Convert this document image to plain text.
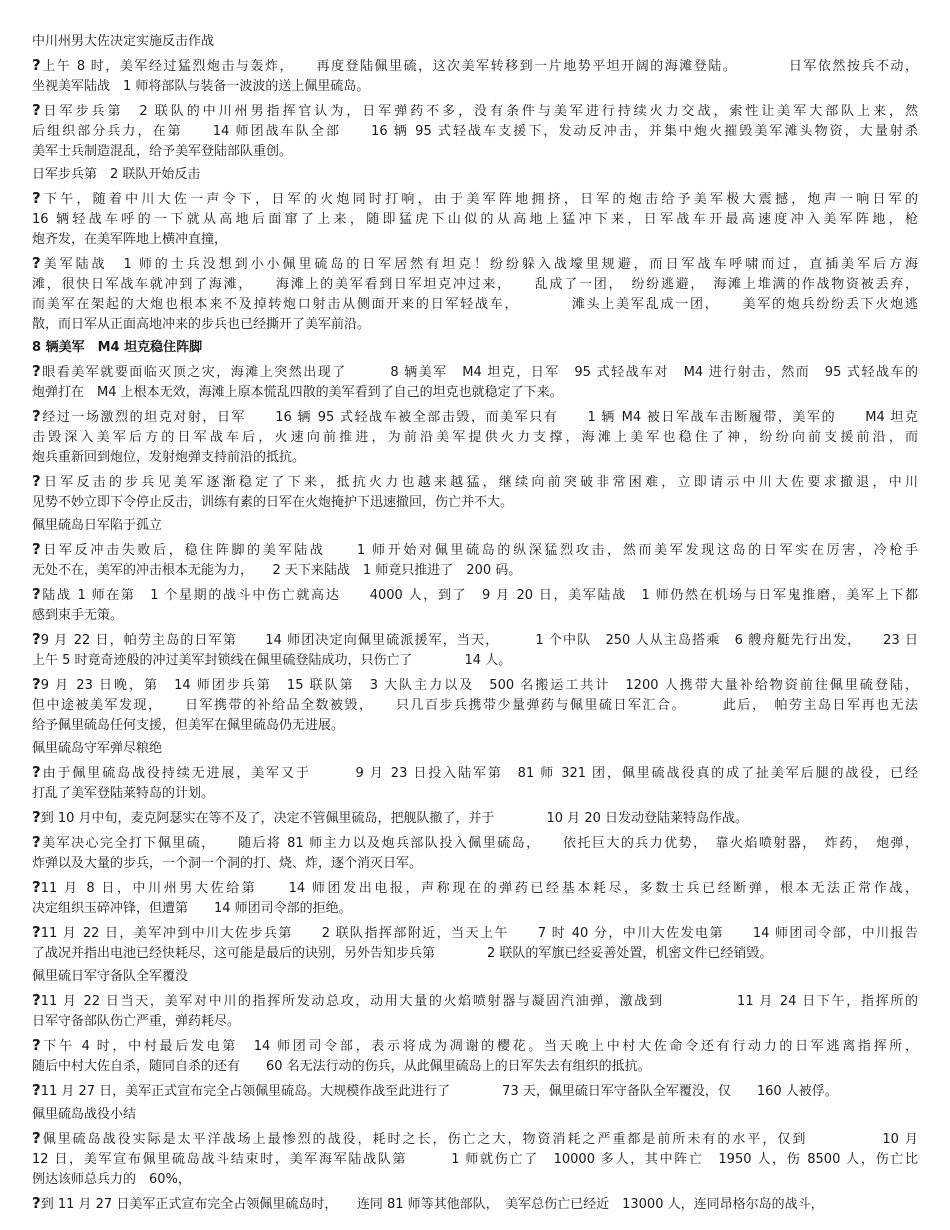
中川州男大佐决定实施反击作战
?上午 8 时，美军经过猛烈炮击与轰炸，　　再度登陆佩里硫，这次美军转移到一片地势平坦开阔的海滩登陆。　　　　日军依然按兵不动，
坐视美军陆战　1 师将部队与装备一波波的送上佩里硫岛。
?日军步兵第　2 联队的中川州男指挥官认为，日军弹药不多，没有条件与美军进行持续火力交战，索性让美军大部队上来，然
后组织部分兵力，在第　　14 师团战车队全部　　16 辆 95 式轻战车支援下，发动反冲击，并集中炮火摧毁美军滩头物资，大量射杀
美军士兵制造混乱，给予美军登陆部队重创。
日军步兵第　2 联队开始反击
?下午，随着中川大佐一声令下，日军的火炮同时打响，由于美军阵地拥挤，日军的炮击给予美军极大震撼，炮声一响日军的
16 辆轻战车呼的一下就从高地后面窜了上来，随即猛虎下山似的从高地上猛冲下来，日军战车开最高速度冲入美军阵地，枪
炮齐发，在美军阵地上横冲直撞，
?美军陆战　1 师的士兵没想到小小佩里硫岛的日军居然有坦克！纷纷躲入战壕里规避，而日军战车呼啸而过，直插美军后方海
滩，很快日军战车就冲到了海滩，　　海滩上的美军看到日军坦克冲过来，　　乱成了一团，　纷纷逃避，　海滩上堆满的作战物资被丢弃，
而美军在架起的大炮也根本来不及掉转炮口射击从侧面开来的日军轻战车，　　　　滩头上美军乱成一团，　　美军的炮兵纷纷丢下火炮逃
散，而日军从正面高地冲来的步兵也已经撕开了美军前沿。
8 辆美军　M4 坦克稳住阵脚
?眼看美军就要面临灭顶之灾，海滩上突然出现了　　　8 辆美军　M4 坦克，日军　95 式轻战车对　M4 进行射击，然而　95 式轻战车的
炮弹打在　M4 上根本无效，海滩上原本慌乱四散的美军看到了自己的坦克也就稳定了下来。
?经过一场激烈的坦克对射，日军　　16 辆 95 式轻战车被全部击毁，而美军只有　　1 辆 M4 被日军战车击断履带，美军的　　M4 坦克
击毁深入美军后方的日军战车后，火速向前推进，为前沿美军提供火力支撑，海滩上美军也稳住了神，纷纷向前支援前沿，而
炮兵重新回到炮位，发射炮弹支持前沿的抵抗。
?日军反击的步兵见美军逐渐稳定了下来，抵抗火力也越来越猛，继续向前突破非常困难，立即请示中川大佐要求撤退，中川
见势不妙立即下令停止反击，训练有素的日军在火炮掩护下迅速撤回，伤亡并不大。
佩里硫岛日军陷于孤立
?日军反冲击失败后，稳住阵脚的美军陆战　　1 师开始对佩里硫岛的纵深猛烈攻击，然而美军发现这岛的日军实在厉害，冷枪手
无处不在，美军的冲击根本无能为力，　　2 天下来陆战　1 师竟只推进了　200 码。
?陆战 1 师在第　1 个星期的战斗中伤亡就高达　　4000 人，到了　9 月 20 日，美军陆战　1 师仍然在机场与日军鬼推磨，美军上下都
感到束手无策。
?9 月 22 日，帕劳主岛的日军第　　14 师团决定向佩里硫派援军，当天，　　　1 个中队　250 人从主岛搭乘　6 艘舟艇先行出发，　　23 日
上午 5 时竟奇迹般的冲过美军封锁线在佩里硫登陆成功，只伤亡了　　　　14 人。
?9 月 23 日晚，第　14 师团步兵第　15 联队第　3 大队主力以及　500 名搬运工共计　1200 人携带大量补给物资前往佩里硫登陆，
但中途被美军发现，　　日军携带的补给品全数被毁，　　只几百步兵携带少量弹药与佩里硫日军汇合。　　　此后，　帕劳主岛日军再也无法
给予佩里硫岛任何支援，但美军在佩里硫岛仍无进展。
佩里硫岛守军弹尽粮绝
?由于佩里硫岛战役持续无进展，美军又于　　　9 月 23 日投入陆军第　81 师 321 团，佩里硫战役真的成了扯美军后腿的战役，已经
打乱了美军登陆莱特岛的计划。
?到 10 月中旬，麦克阿瑟实在等不及了，决定不管佩里硫岛，把舰队撤了，并于　　　　10 月 20 日发动登陆莱特岛作战。
?美军决心完全打下佩里硫，　　随后将 81 师主力以及炮兵部队投入佩里硫岛，　　依托巨大的兵力优势，　靠火焰喷射器，　炸药，　炮弹，
炸弹以及大量的步兵，一个洞一个洞的打、烧、炸，逐个消灭日军。
?11 月 8 日，中川州男大佐给第　　14 师团发出电报，声称现在的弹药已经基本耗尽，多数士兵已经断弹，根本无法正常作战，
决定组织玉碎冲锋，但遭第　　14 师团司令部的拒绝。
?11 月 22 日，美军冲到中川大佐步兵第　　2 联队指挥部附近，当天上午　　7 时 40 分，中川大佐发电第　　14 师团司令部，中川报告
了战况并指出电池已经快耗尽，这可能是最后的诀别，另外告知步兵第　　　　2 联队的军旗已经妥善处置，机密文件已经销毁。
佩里硫日军守备队全军覆没
?11 月 22 日当天，美军对中川的指挥所发动总攻，动用大量的火焰喷射器与凝固汽油弹，激战到　　　　　11 月 24 日下午，指挥所的
日军守备部队伤亡严重，弹药耗尽。
?下午 4 时，中村最后发电第　14 师团司令部，表示将成为凋谢的樱花。当天晚上中村大佐命令还有行动力的日军逃离指挥所，
随后中村大佐自杀，随同自杀的还有　　60 名无法行动的伤兵，从此佩里硫岛上的日军失去有组织的抵抗。
?11 月 27 日，美军正式宣布完全占领佩里硫岛。大规模作战至此进行了　　　　73 天，佩里硫日军守备队全军覆没，仅　　160 人被俘。
佩里硫岛战役小结
?佩里硫岛战役实际是太平洋战场上最惨烈的战役，耗时之长，伤亡之大，物资消耗之严重都是前所未有的水平，仅到　　　　　10 月
12 日，美军宣布佩里硫岛战斗结束时，美军海军陆战队第　　　1 师就伤亡了　10000 多人，其中阵亡　1950 人，伤 8500 人，伤亡比
例达该师总兵力的　60%，
?到 11 月 27 日美军正式宣布完全占领佩里硫岛时，　　连同 81 师等其他部队，　美军总伤亡已经近　13000 人，连同昂格尔岛的战斗，
